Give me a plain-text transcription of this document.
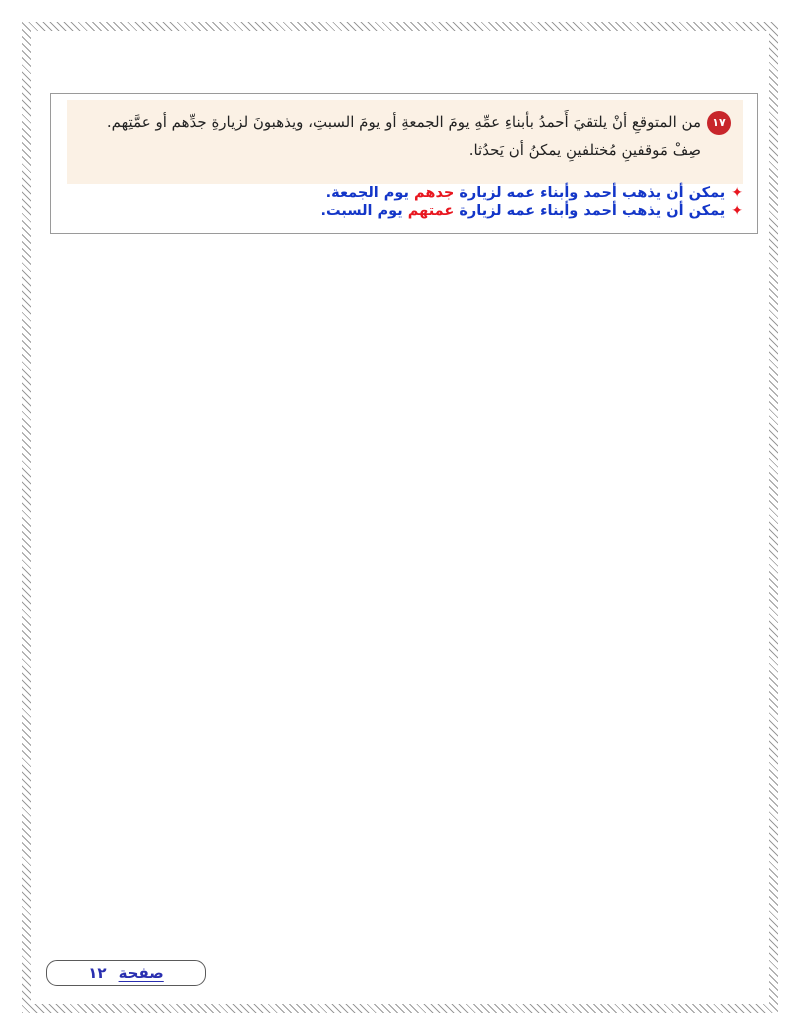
١٧من المتوقعِ أنْ يلتقيَ أَحمدُ بأبناءِ عمِّهِ يومَ الجمعةِ أو يومَ السبتِ، ويذهبونَ لزيارةِ جدِّهم أو عمَّتِهم.
صِفْ مَوقفينِ مُختلفينِ يمكنُ أن يَحدُثا.
✦يمكن أن يذهب أحمد وأبناء عمه لزيارة جدهم يوم الجمعة.
✦يمكن أن يذهب أحمد وأبناء عمه لزيارة عمتهم يوم السبت.
صفحة
١٢
